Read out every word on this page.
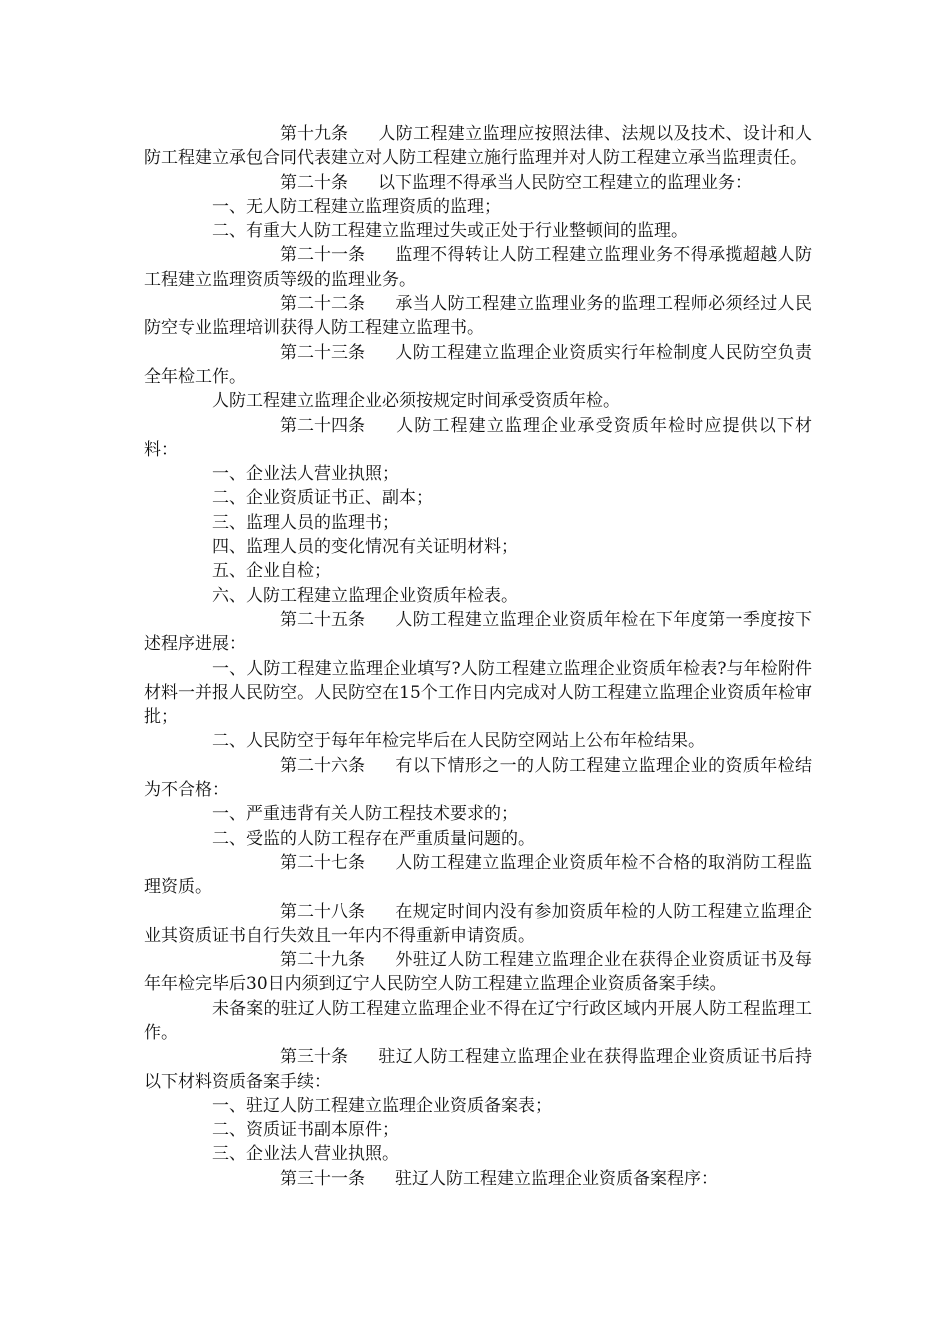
第十九条 人防工程建立监理应按照法律、法规以及技术、设计和人防工程建立承包合同代表建立对人防工程建立施行监理并对人防工程建立承当监理责任。

第二十条 以下监理不得承当人民防空工程建立的监理业务：

一、无人防工程建立监理资质的监理；

二、有重大人防工程建立监理过失或正处于行业整顿间的监理。

第二十一条 监理不得转让人防工程建立监理业务不得承揽超越人防工程建立监理资质等级的监理业务。

第二十二条 承当人防工程建立监理业务的监理工程师必须经过人民防空专业监理培训获得人防工程建立监理书。

第二十三条 人防工程建立监理企业资质实行年检制度人民防空负责全年检工作。

人防工程建立监理企业必须按规定时间承受资质年检。

第二十四条 人防工程建立监理企业承受资质年检时应提供以下材料：

一、企业法人营业执照；

二、企业资质证书正、副本；

三、监理人员的监理书；

四、监理人员的变化情况有关证明材料；

五、企业自检；

六、人防工程建立监理企业资质年检表。

第二十五条 人防工程建立监理企业资质年检在下年度第一季度按下述程序进展：

一、人防工程建立监理企业填写?人防工程建立监理企业资质年检表?与年检附件材料一并报人民防空。人民防空在15个工作日内完成对人防工程建立监理企业资质年检审批；

二、人民防空于每年年检完毕后在人民防空网站上公布年检结果。

第二十六条 有以下情形之一的人防工程建立监理企业的资质年检结为不合格：

一、严重违背有关人防工程技术要求的；

二、受监的人防工程存在严重质量问题的。

第二十七条 人防工程建立监理企业资质年检不合格的取消防工程监理资质。

第二十八条 在规定时间内没有参加资质年检的人防工程建立监理企业其资质证书自行失效且一年内不得重新申请资质。

第二十九条 外驻辽人防工程建立监理企业在获得企业资质证书及每年年检完毕后30日内须到辽宁人民防空人防工程建立监理企业资质备案手续。

未备案的驻辽人防工程建立监理企业不得在辽宁行政区域内开展人防工程监理工作。

第三十条 驻辽人防工程建立监理企业在获得监理企业资质证书后持以下材料资质备案手续：

一、驻辽人防工程建立监理企业资质备案表；

二、资质证书副本原件；

三、企业法人营业执照。

第三十一条 驻辽人防工程建立监理企业资质备案程序：
